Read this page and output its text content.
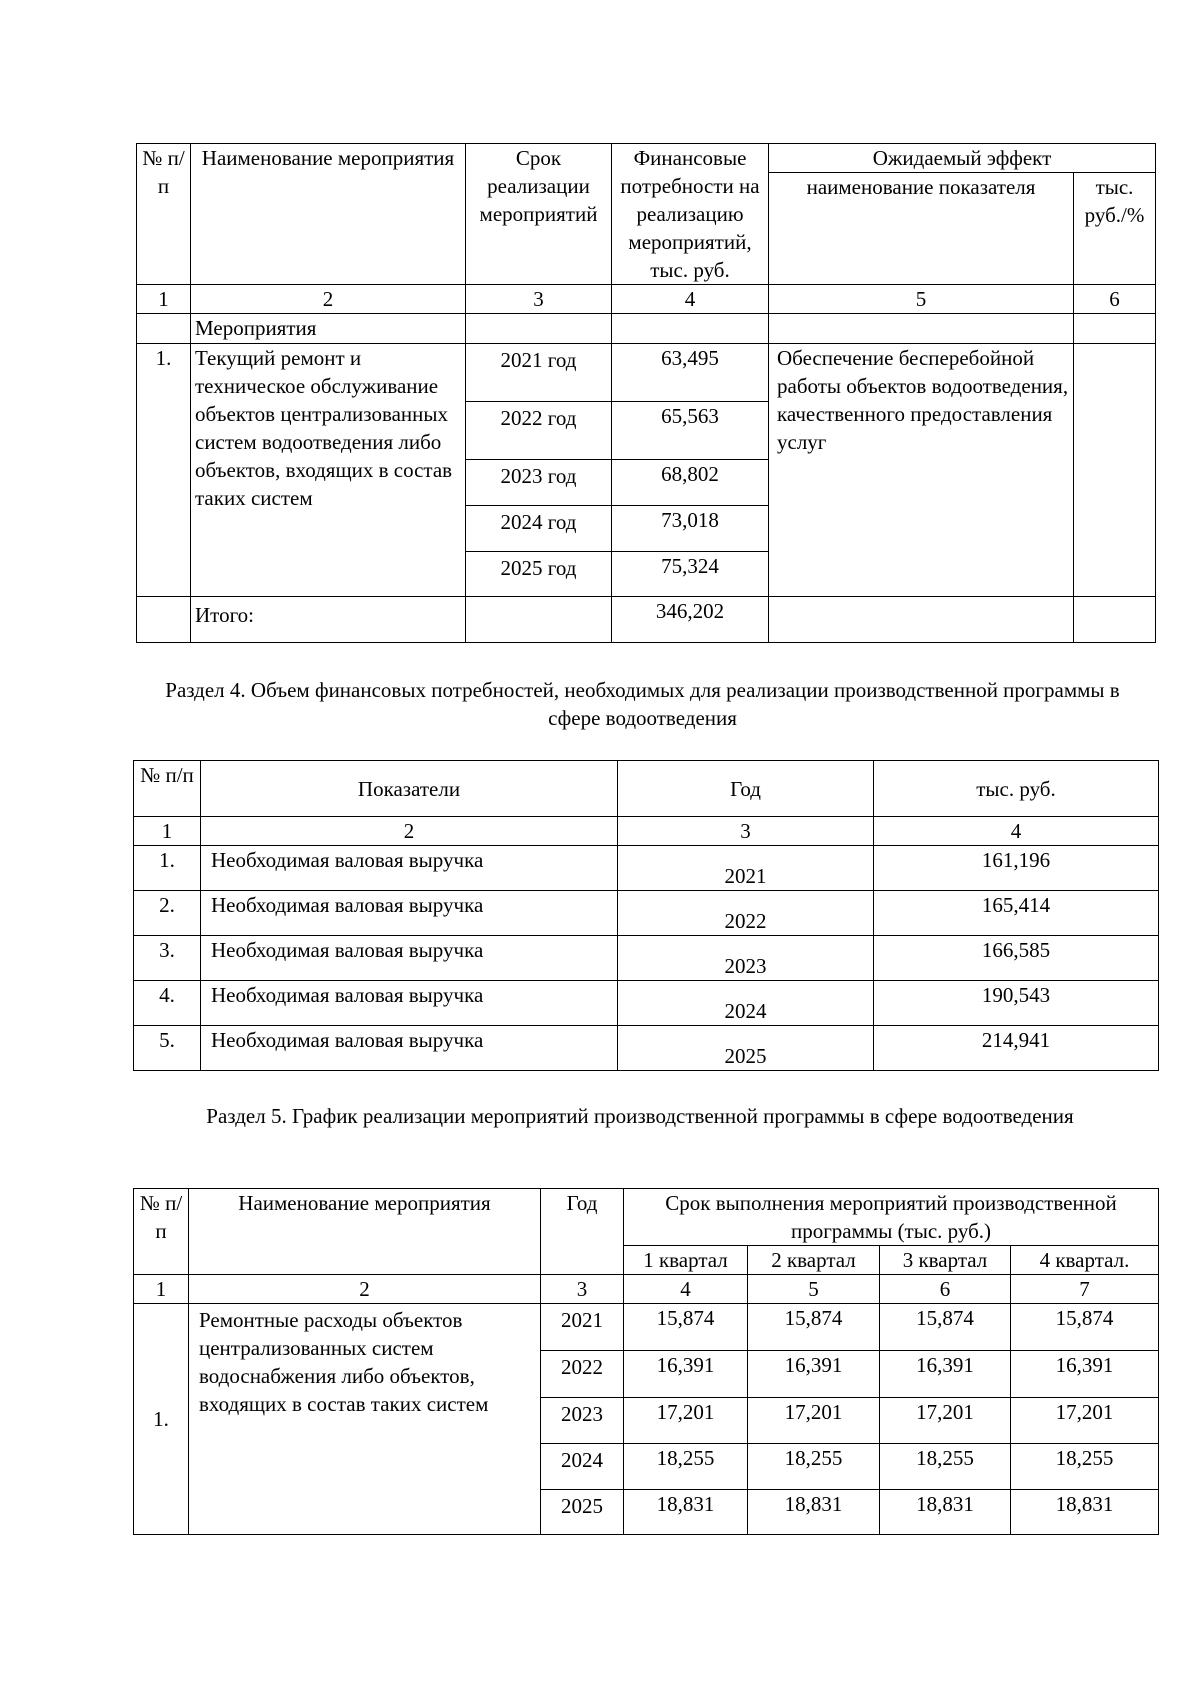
№ п/п	Наименование мероприятия	Срок реализации мероприятий	Финансовые потребности на реализацию мероприятий, тыс. руб.	Ожидаемый эффект	
				наименование показателя	тыс. руб./%
1	2	3	4	5	6
	Мероприятия				
1.	Текущий ремонт и техническое обслуживание объектов централизованных систем водоотведения либо объектов, входящих в состав таких систем	2021 год	63,495	Обеспечение бесперебойной работы объектов водоотведения, качественного предоставления услуг	
		2022 год	65,563		
		2023 год	68,802		
		2024 год	73,018		
		2025 год	75,324		
	Итого:		346,202		
Раздел 4. Объем финансовых потребностей, необходимых для реализации производственной программы в сфере водоотведения
№ п/п	Показатели	Год	тыс. руб.
1	2	3	4
1.	Необходимая валовая выручка	2021	161,196
2.	Необходимая валовая выручка	2022	165,414
3.	Необходимая валовая выручка	2023	166,585
4.	Необходимая валовая выручка	2024	190,543
5.	Необходимая валовая выручка	2025	214,941
Раздел 5. График реализации мероприятий производственной программы в сфере водоотведения
№ п/п	Наименование мероприятия	Год	Срок выполнения мероприятий производственной программы (тыс. руб.)			
			1 квартал	2 квартал	3 квартал	4 квартал.
1	2	3	4	5	6	7
1.	Ремонтные расходы объектов централизованных систем водоснабжения либо объектов, входящих в состав таких систем	2021	15,874	15,874	15,874	15,874
		2022	16,391	16,391	16,391	16,391
		2023	17,201	17,201	17,201	17,201
		2024	18,255	18,255	18,255	18,255
		2025	18,831	18,831	18,831	18,831
